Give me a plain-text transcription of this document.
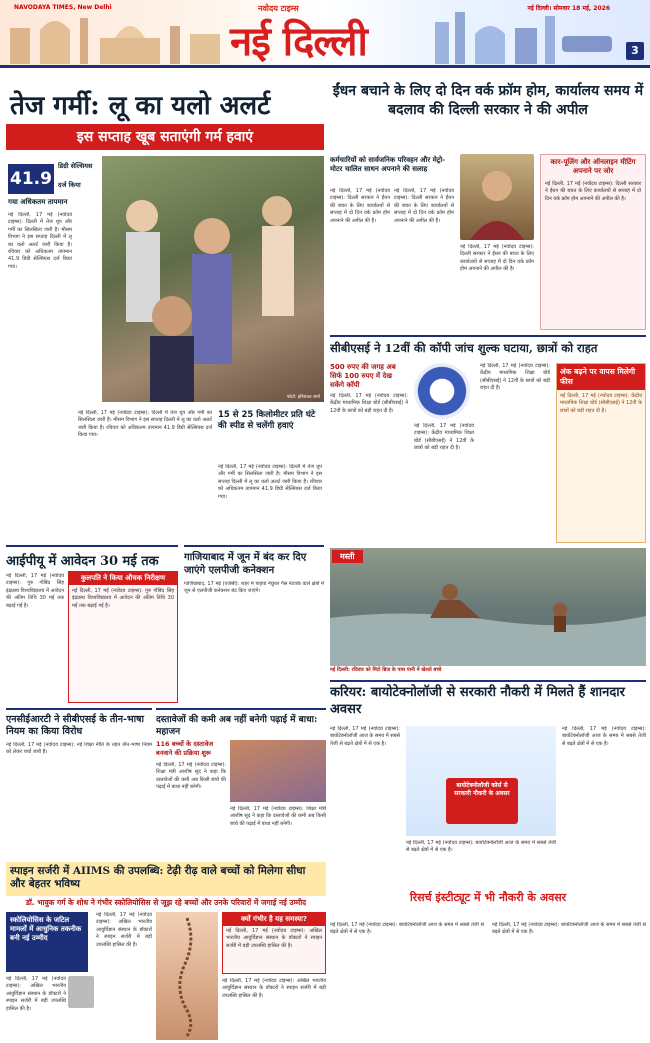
NAVODAYA TIMES, New Delhi	नवोदय टाइम्स
नई दिल्ली
नई दिल्ली। सोमवार 18 मई, 2026
3
तेज गर्मी: लू का यलो अलर्ट
इस सप्ताह खूब सताएंगी गर्म हवाएं
41.9
डिग्री सेल्सियस
दर्ज किया
गया अधिकतम तापमान
नई दिल्ली, 17 मई (नवोदय टाइम्स): दिल्ली में तेज धूप और गर्मी का सिलसिला जारी है। मौसम विभाग ने इस सप्ताह दिल्ली में लू का यलो अलर्ट जारी किया है। रविवार को अधिकतम तापमान 41.9 डिग्री सेल्सियस दर्ज किया गया।
फोटो: हरिशंकर शर्मा
15 से 25 किलोमीटर प्रति घंटे की स्पीड से चलेंगी हवाएं
नई दिल्ली, 17 मई (नवोदय टाइम्स): दिल्ली में तेज धूप और गर्मी का सिलसिला जारी है। मौसम विभाग ने इस सप्ताह दिल्ली में लू का यलो अलर्ट जारी किया है। रविवार को अधिकतम तापमान 41.9 डिग्री सेल्सियस दर्ज किया गया।
नई दिल्ली, 17 मई (नवोदय टाइम्स): दिल्ली में तेज धूप और गर्मी का सिलसिला जारी है। मौसम विभाग ने इस सप्ताह दिल्ली में लू का यलो अलर्ट जारी किया है। रविवार को अधिकतम तापमान 41.9 डिग्री सेल्सियस दर्ज किया गया।
ईंधन बचाने के लिए दो दिन वर्क फ्रॉम होम, कार्यालय समय में बदलाव की दिल्ली सरकार ने की अपील
कर्मचारियों को सार्वजनिक परिवहन और मेट्रो-मोटर चालित साधन अपनाने की सलाह
नई दिल्ली, 17 मई (नवोदय टाइम्स): दिल्ली सरकार ने ईंधन की बचत के लिए कार्यालयों से सप्ताह में दो दिन वर्क फ्रॉम होम अपनाने की अपील की है।
नई दिल्ली, 17 मई (नवोदय टाइम्स): दिल्ली सरकार ने ईंधन की बचत के लिए कार्यालयों से सप्ताह में दो दिन वर्क फ्रॉम होम अपनाने की अपील की है।
नई दिल्ली, 17 मई (नवोदय टाइम्स): दिल्ली सरकार ने ईंधन की बचत के लिए कार्यालयों से सप्ताह में दो दिन वर्क फ्रॉम होम अपनाने की अपील की है।
कार-पूलिंग और ऑनलाइन मीटिंग अपनाने पर जोर
नई दिल्ली, 17 मई (नवोदय टाइम्स): दिल्ली सरकार ने ईंधन की बचत के लिए कार्यालयों से सप्ताह में दो दिन वर्क फ्रॉम होम अपनाने की अपील की है।
सीबीएसई ने 12वीं की कॉपी जांच शुल्क घटाया, छात्रों को राहत
500 रुपए की जगह अब सिर्फ 100 रुपए में देख सकेंगे कॉपी
नई दिल्ली, 17 मई (नवोदय टाइम्स): केंद्रीय माध्यमिक शिक्षा बोर्ड (सीबीएसई) ने 12वीं के छात्रों को बड़ी राहत दी है।
नई दिल्ली, 17 मई (नवोदय टाइम्स): केंद्रीय माध्यमिक शिक्षा बोर्ड (सीबीएसई) ने 12वीं के छात्रों को बड़ी राहत दी है।
नई दिल्ली, 17 मई (नवोदय टाइम्स): केंद्रीय माध्यमिक शिक्षा बोर्ड (सीबीएसई) ने 12वीं के छात्रों को बड़ी राहत दी है।
अंक बढ़ने पर वापस मिलेगी फीस
नई दिल्ली, 17 मई (नवोदय टाइम्स): केंद्रीय माध्यमिक शिक्षा बोर्ड (सीबीएसई) ने 12वीं के छात्रों को बड़ी राहत दी है।
आईपीयू में आवेदन 30 मई तक
नई दिल्ली, 17 मई (नवोदय टाइम्स): गुरु गोबिंद सिंह इंद्रप्रस्थ विश्वविद्यालय में आवेदन की अंतिम तिथि 30 मई तक बढ़ाई गई है।
कुलपति ने किया औचक निरीक्षण
नई दिल्ली, 17 मई (नवोदय टाइम्स): गुरु गोबिंद सिंह इंद्रप्रस्थ विश्वविद्यालय में आवेदन की अंतिम तिथि 30 मई तक बढ़ाई गई है।
गाजियाबाद में जून में बंद कर दिए जाएंगे एलपीजी कनेक्शन
गाजियाबाद, 17 मई (एजेंसी): शहर में पाइप्ड नेचुरल गैस नेटवर्क वाले क्षेत्रों में जून से एलपीजी कनेक्शन बंद किए जाएंगे।
मस्ती
नई दिल्ली: रविवार को मिंटो ब्रिज के पास पानी में खेलते बच्चे
एनसीईआरटी ने सीबीएसई के तीन-भाषा नियम का किया विरोध
नई दिल्ली, 17 मई (नवोदय टाइम्स): नई शिक्षा नीति के तहत तीन-भाषा नियम को लेकर चर्चा जारी है।
दस्तावेजों की कमी अब नहीं बनेगी पढ़ाई में बाधा: महाजन
116 बच्चों के दस्तावेज बनवाने की प्रक्रिया शुरू
नई दिल्ली, 17 मई (नवोदय टाइम्स): शिक्षा मंत्री आशीष सूद ने कहा कि दस्तावेजों की कमी अब किसी बच्चे की पढ़ाई में बाधा नहीं बनेगी।
नई दिल्ली, 17 मई (नवोदय टाइम्स): शिक्षा मंत्री आशीष सूद ने कहा कि दस्तावेजों की कमी अब किसी बच्चे की पढ़ाई में बाधा नहीं बनेगी।
करियर: बायोटेक्नोलॉजी से सरकारी नौकरी में मिलते हैं शानदार अवसर
नई दिल्ली, 17 मई (नवोदय टाइम्स): बायोटेक्नोलॉजी आज के समय में सबसे तेजी से बढ़ते क्षेत्रों में से एक है।
बायोटेक्नोलॉजी कोर्स से सरकारी नौकरी के अवसर
नई दिल्ली, 17 मई (नवोदय टाइम्स): बायोटेक्नोलॉजी आज के समय में सबसे तेजी से बढ़ते क्षेत्रों में से एक है।
नई दिल्ली, 17 मई (नवोदय टाइम्स): बायोटेक्नोलॉजी आज के समय में सबसे तेजी से बढ़ते क्षेत्रों में से एक है।
रिसर्च इंस्टीट्यूट में भी नौकरी के अवसर
नई दिल्ली, 17 मई (नवोदय टाइम्स): बायोटेक्नोलॉजी आज के समय में सबसे तेजी से बढ़ते क्षेत्रों में से एक है।
नई दिल्ली, 17 मई (नवोदय टाइम्स): बायोटेक्नोलॉजी आज के समय में सबसे तेजी से बढ़ते क्षेत्रों में से एक है।
स्पाइन सर्जरी में AIIMS की उपलब्धि: टेढ़ी रीढ़ वाले बच्चों को मिलेगा सीधा और बेहतर भविष्य
डॉ. भावुक गर्ग के शोध ने गंभीर स्कोलियोसिस से जूझ रहे बच्चों और उनके परिवारों में जगाई नई उम्मीद
स्कोलियोसिस के जटिल मामलों में आधुनिक तकनीक बनी नई उम्मीद
नई दिल्ली, 17 मई (नवोदय टाइम्स): अखिल भारतीय आयुर्विज्ञान संस्थान के डॉक्टरों ने स्पाइन सर्जरी में बड़ी उपलब्धि हासिल की है।
नई दिल्ली, 17 मई (नवोदय टाइम्स): अखिल भारतीय आयुर्विज्ञान संस्थान के डॉक्टरों ने स्पाइन सर्जरी में बड़ी उपलब्धि हासिल की है।
क्यों गंभीर है यह समस्या?
नई दिल्ली, 17 मई (नवोदय टाइम्स): अखिल भारतीय आयुर्विज्ञान संस्थान के डॉक्टरों ने स्पाइन सर्जरी में बड़ी उपलब्धि हासिल की है।
नई दिल्ली, 17 मई (नवोदय टाइम्स): अखिल भारतीय आयुर्विज्ञान संस्थान के डॉक्टरों ने स्पाइन सर्जरी में बड़ी उपलब्धि हासिल की है।
